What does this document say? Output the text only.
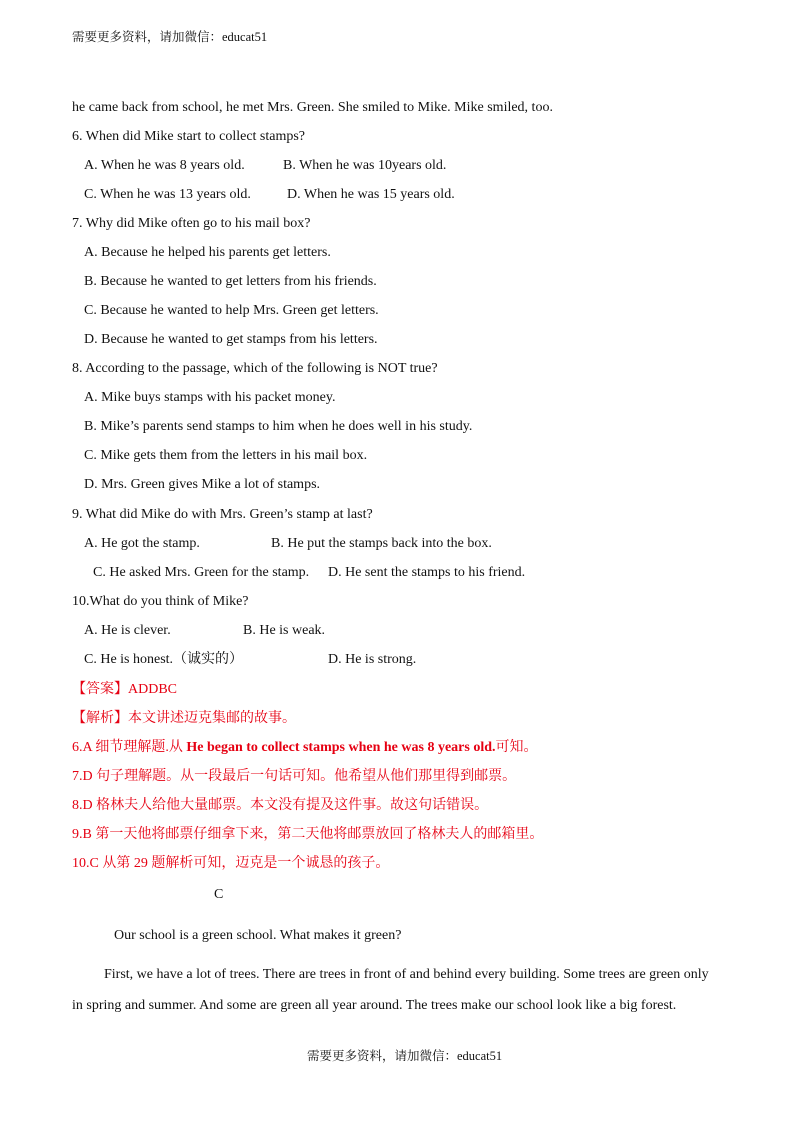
需要更多资料，请加微信：educat51
he came back from school, he met Mrs. Green. She smiled to Mike. Mike smiled, too.
6. When did Mike start to collect stamps?
A. When he was 8 years old.	B. When he was 10years old.
C. When he was 13 years old.	D. When he was 15 years old.
7. Why did Mike often go to his mail box?
A. Because he helped his parents get letters.
B. Because he wanted to get letters from his friends.
C. Because he wanted to help Mrs. Green get letters.
D. Because he wanted to get stamps from his letters.
8. According to the passage, which of the following is NOT true?
A. Mike buys stamps with his packet money.
B. Mike’s parents send stamps to him when he does well in his study.
C. Mike gets them from the letters in his mail box.
D. Mrs. Green gives Mike a lot of stamps.
9. What did Mike do with Mrs. Green’s stamp at last?
A. He got the stamp.	B. He put the stamps back into the box.
C. He asked Mrs. Green for the stamp. D. He sent the stamps to his friend.
10.What do you think of Mike?
A. He is clever.	B. He is weak.
C. He is honest.（诚实的）	D. He is strong.
【答案】ADDBC
【解析】本文讲述迈克集邮的故事。
6.A 细节理解题.从 He began to collect stamps when he was 8 years old.可知。
7.D 句子理解题。从一段最后一句话可知。他希望从他们那里得到邮票。
8.D 格林夫人给他大量邮票。本文没有提及这件事。故这句话错误。
9.B 第一天他将邮票仔细拿下来，第二天他将邮票放回了格林夫人的邮箱里。
10.C 从第 29 题解析可知，迈克是一个诚恳的孩子。
C
Our school is a green school. What makes it green?
First, we have a lot of trees. There are trees in front of and behind every building. Some trees are green only
in spring and summer. And some are green all year around. The trees make our school look like a big forest.
需要更多资料，请加微信：educat51
